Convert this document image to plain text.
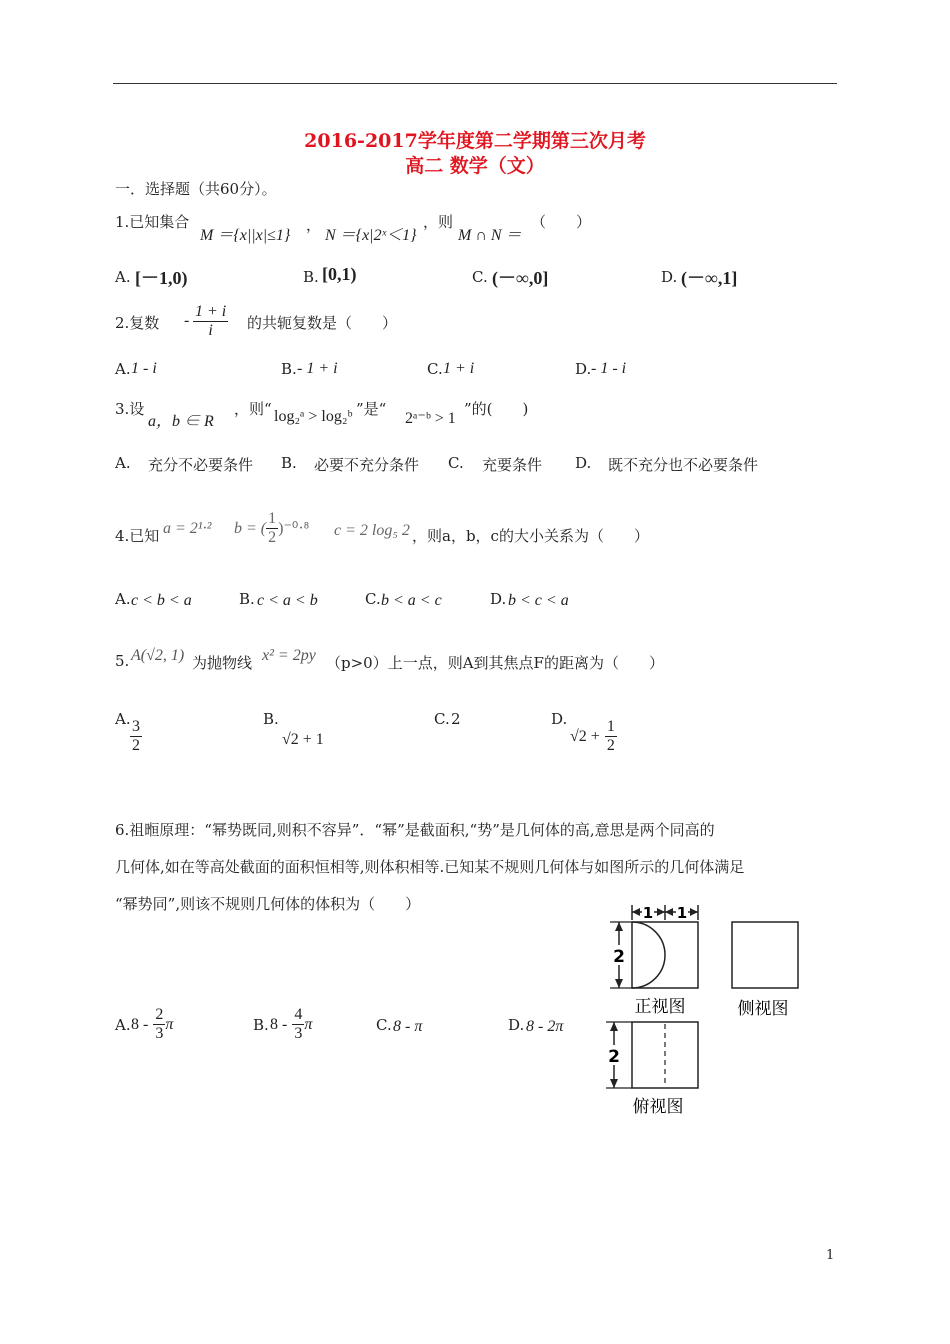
2016-2017学年度第二学期第三次月考
高二 数学（文）
一．选择题（共60分）。
1.已知集合
M ＝{x||x|≤1}
，
N ＝{x|2ˣ＜1}
，则
M ∩ N ＝
（　　）
A. [－1,0)	B. [0,1)	C. (－∞,0]	D. (－∞,1]
2.复数 - $\frac{1 + i}{i}$ 的共轭复数是（　　）
A. 1 - i	B. - 1 + i	C. 1 + i	D. - 1 - i
3.设
a，b ∈ R
，则“ log₂ᵃ > log₂ᵇ ”是“
2ᵃ⁻ᵇ > 1
”的(　　)
A. 充分不必要条件 B. 必要不充分条件 C. 充要条件 D. 既不充分也不必要条件
4.已知 a = 2¹·² b = ( $\frac{1}{2} )^{-0}\cdot^8$ c = 2 log₅ 2 ，则a，b，c的大小关系为（　　）
A. c < b < a	B. c < a < b	C. b < a < c	D. b < c < a
5. A(√2, 1) 为抛物线 x² = 2py （p>0）上一点，则A到其焦点F的距离为（　　）
A. $\frac{3}{2}$	B.
√2 + 1
C. 2	D.
$√2 + \frac{1}{2}$
6.祖暅原理：“幂势既同,则积不容异”．“幂”是截面积,“势”是几何体的高,意思是两个同高的
几何体,如在等高处截面的面积恒相等,则体积相等.已知某不规则几何体与如图所示的几何体满足
“幂势同”,则该不规则几何体的体积为（　　）
A. $8 - \frac{2}{3}$ π	B. $8 - \frac{4}{3}$ π	C. 8 - π	D. 8 - 2π
1 1
2
正视图	侧视图
2
俯视图
1
